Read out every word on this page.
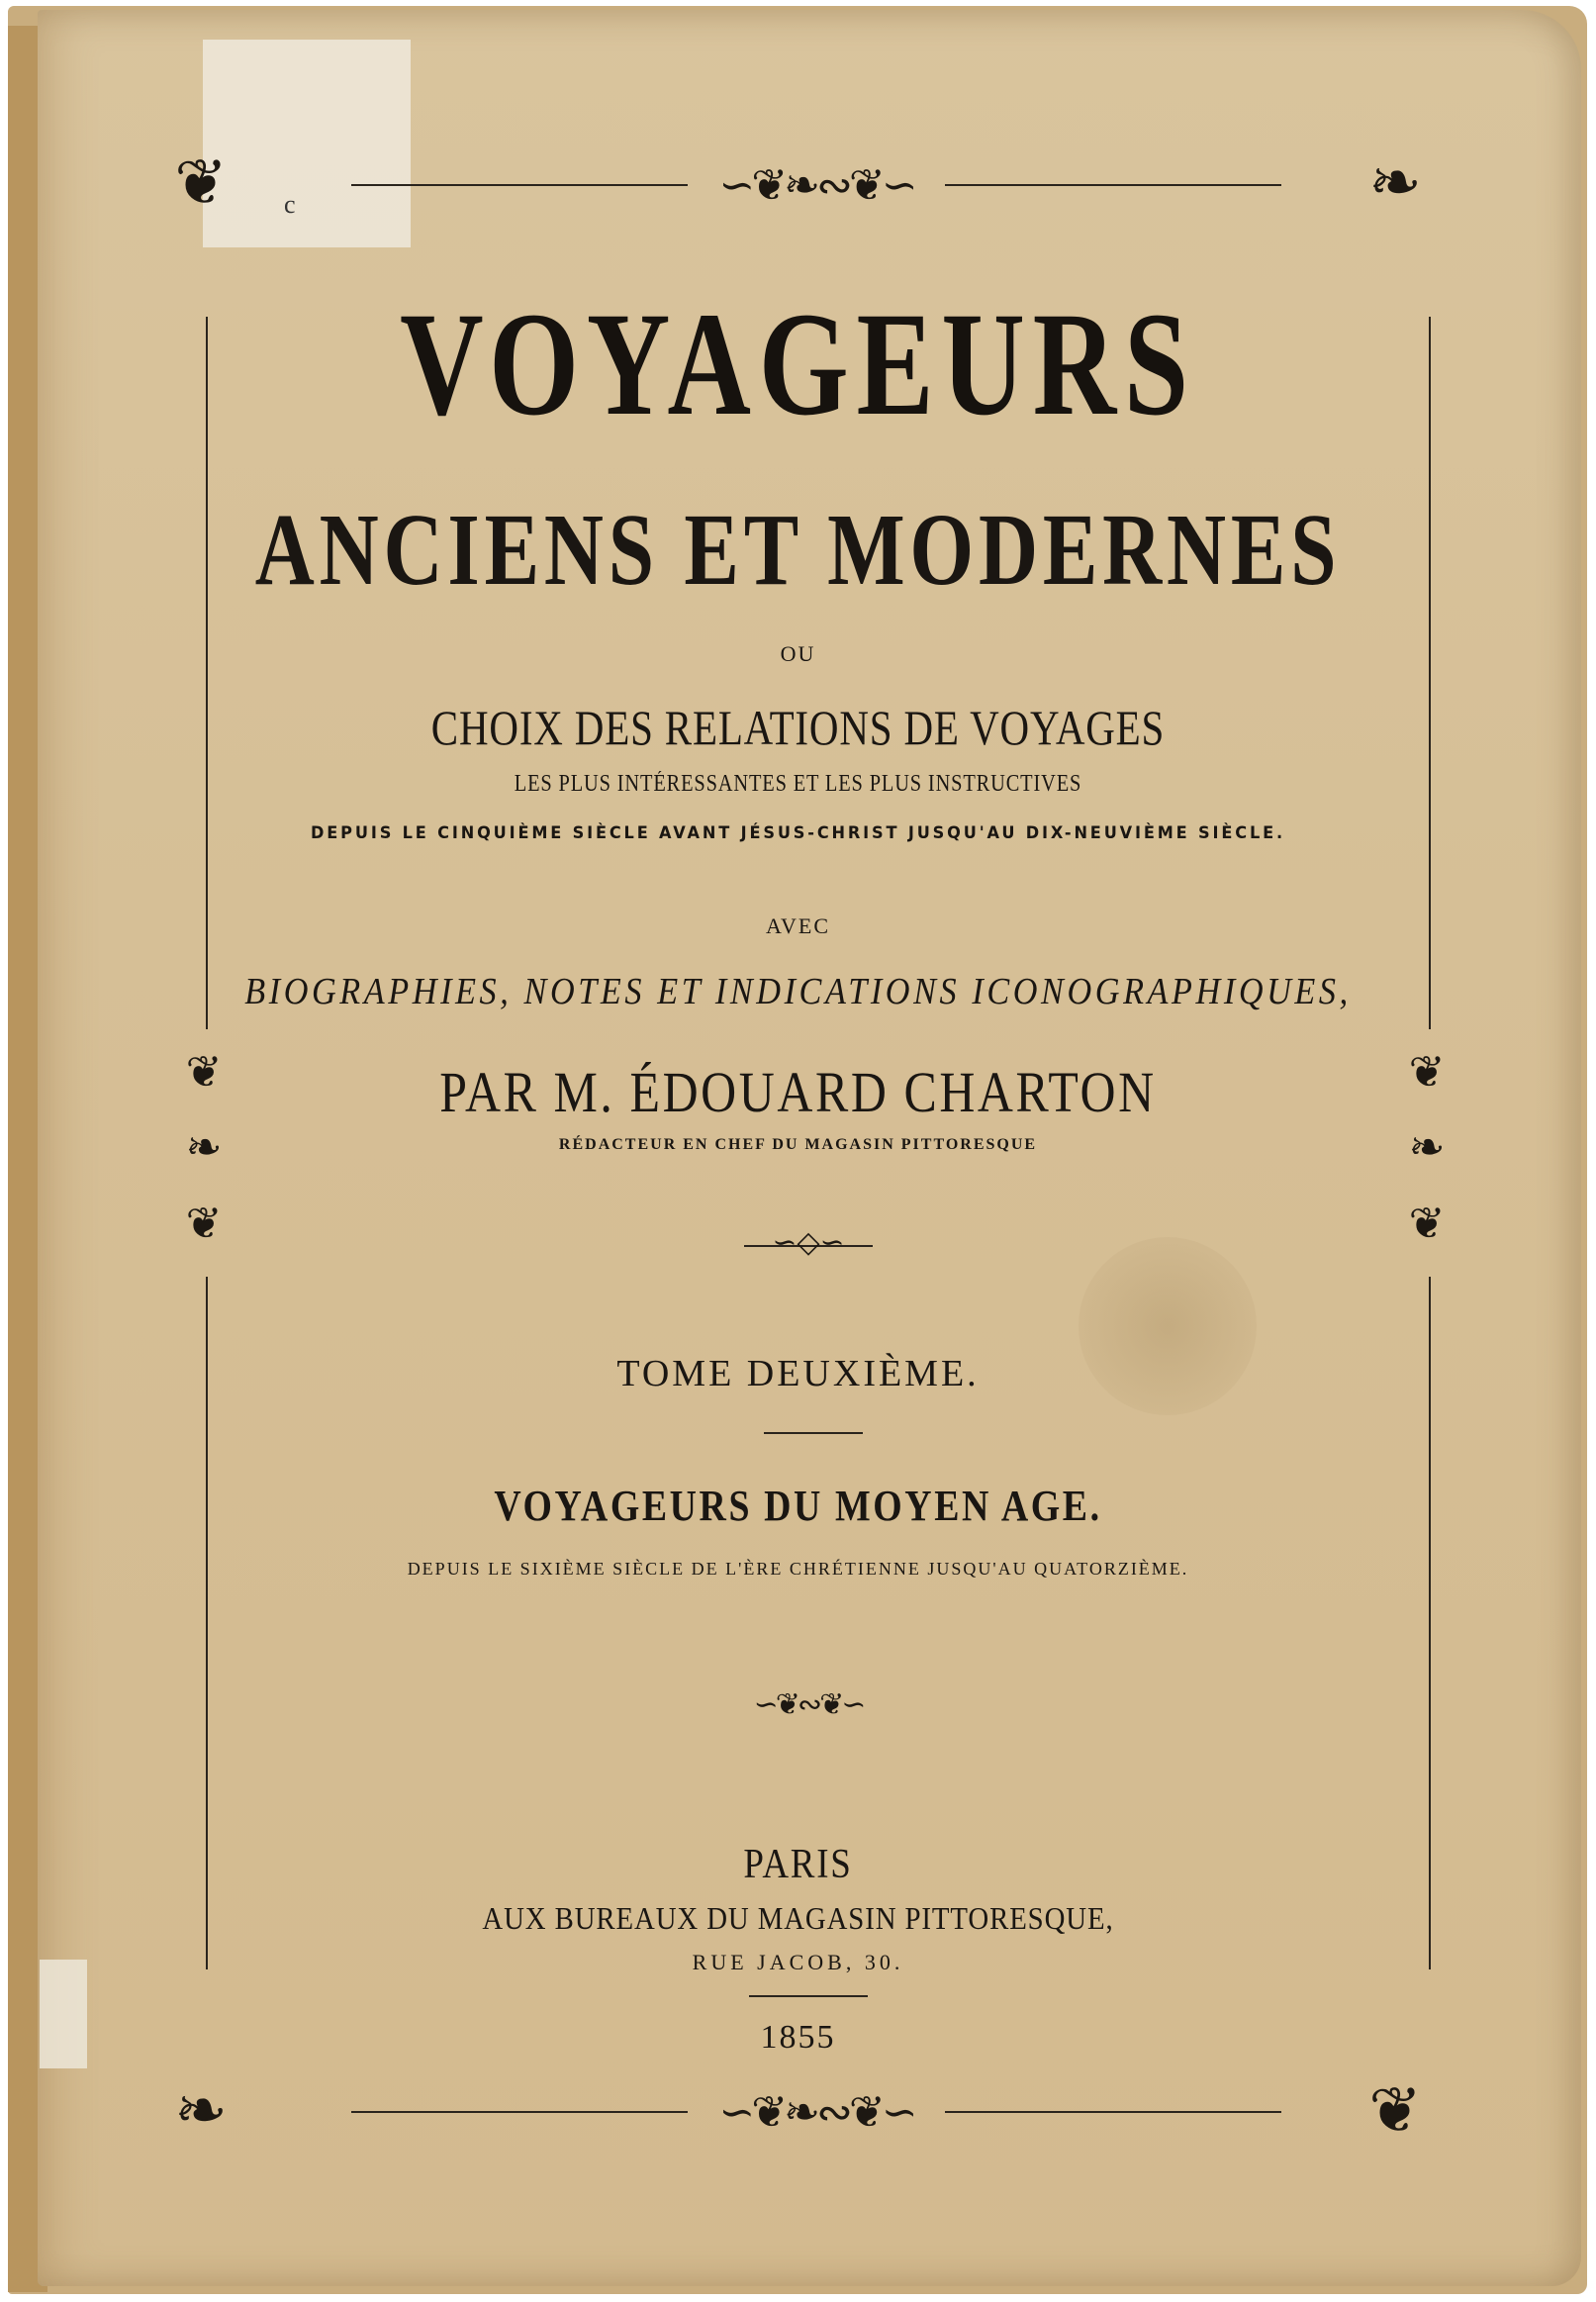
c	∽❦❧∾❦∽
❦	❧
∽❦❧∾❦∽
❧	❦
❦
❧
❦
❦
❧
❦
VOYAGEURS
ANCIENS ET MODERNES
OU
CHOIX DES RELATIONS DE VOYAGES
LES PLUS INTÉRESSANTES ET LES PLUS INSTRUCTIVES
DEPUIS LE CINQUIÈME SIÈCLE AVANT JÉSUS-CHRIST JUSQU'AU DIX-NEUVIÈME SIÈCLE.
AVEC
BIOGRAPHIES, NOTES ET INDICATIONS ICONOGRAPHIQUES,
PAR M. ÉDOUARD CHARTON
RÉDACTEUR EN CHEF DU MAGASIN PITTORESQUE
∽◇∽
TOME DEUXIÈME.
VOYAGEURS DU MOYEN AGE.
DEPUIS LE SIXIÈME SIÈCLE DE L'ÈRE CHRÉTIENNE JUSQU'AU QUATORZIÈME.
∽❦∾❦∽
PARIS
AUX BUREAUX DU MAGASIN PITTORESQUE,
RUE JACOB, 30.
1855
